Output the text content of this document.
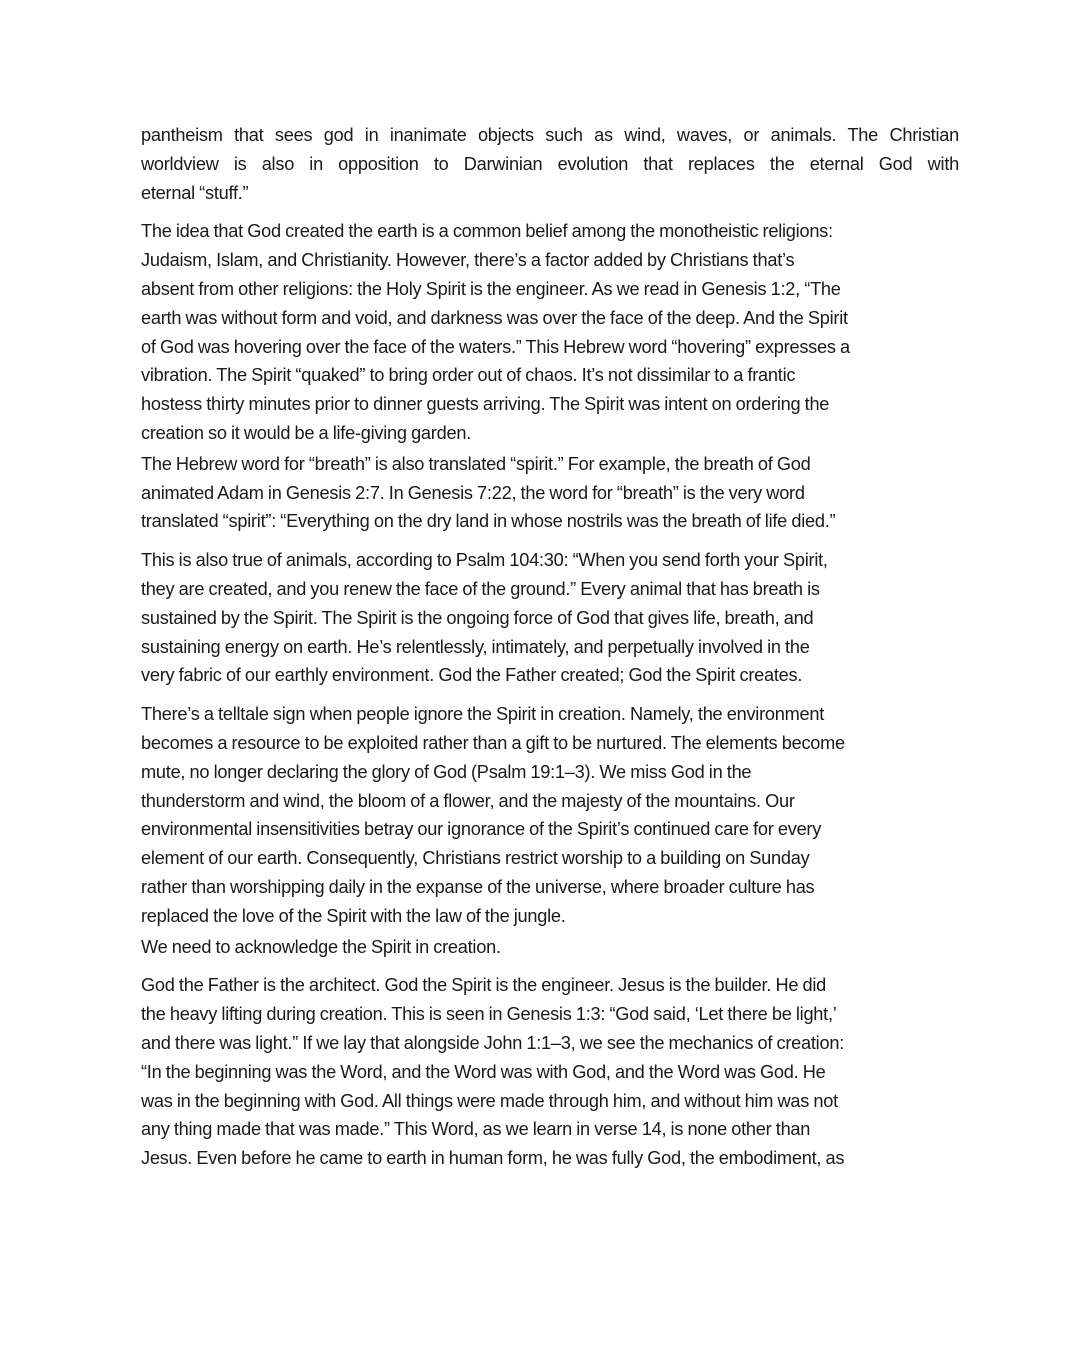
pantheism that sees god in inanimate objects such as wind, waves, or animals. The Christian
worldview is also in opposition to Darwinian evolution that replaces the eternal God with
eternal “stuff.”
The idea that God created the earth is a common belief among the monotheistic religions:
Judaism, Islam, and Christianity. However, there’s a factor added by Christians that’s
absent from other religions: the Holy Spirit is the engineer. As we read in Genesis 1:2, “The
earth was without form and void, and darkness was over the face of the deep. And the Spirit
of God was hovering over the face of the waters.” This Hebrew word “hovering” expresses a
vibration. The Spirit “quaked” to bring order out of chaos. It’s not dissimilar to a frantic
hostess thirty minutes prior to dinner guests arriving. The Spirit was intent on ordering the
creation so it would be a life-giving garden.
The Hebrew word for “breath” is also translated “spirit.” For example, the breath of God
animated Adam in Genesis 2:7. In Genesis 7:22, the word for “breath” is the very word
translated “spirit”: “Everything on the dry land in whose nostrils was the breath of life died.”
This is also true of animals, according to Psalm 104:30: “When you send forth your Spirit,
they are created, and you renew the face of the ground.” Every animal that has breath is
sustained by the Spirit. The Spirit is the ongoing force of God that gives life, breath, and
sustaining energy on earth. He’s relentlessly, intimately, and perpetually involved in the
very fabric of our earthly environment. God the Father created; God the Spirit creates.
There’s a telltale sign when people ignore the Spirit in creation. Namely, the environment
becomes a resource to be exploited rather than a gift to be nurtured. The elements become
mute, no longer declaring the glory of God (Psalm 19:1–3). We miss God in the
thunderstorm and wind, the bloom of a flower, and the majesty of the mountains. Our
environmental insensitivities betray our ignorance of the Spirit’s continued care for every
element of our earth. Consequently, Christians restrict worship to a building on Sunday
rather than worshipping daily in the expanse of the universe, where broader culture has
replaced the love of the Spirit with the law of the jungle.
We need to acknowledge the Spirit in creation.
God the Father is the architect. God the Spirit is the engineer. Jesus is the builder. He did
the heavy lifting during creation. This is seen in Genesis 1:3: “God said, ‘Let there be light,’
and there was light.” If we lay that alongside John 1:1–3, we see the mechanics of creation:
“In the beginning was the Word, and the Word was with God, and the Word was God. He
was in the beginning with God. All things were made through him, and without him was not
any thing made that was made.” This Word, as we learn in verse 14, is none other than
Jesus. Even before he came to earth in human form, he was fully God, the embodiment, as
